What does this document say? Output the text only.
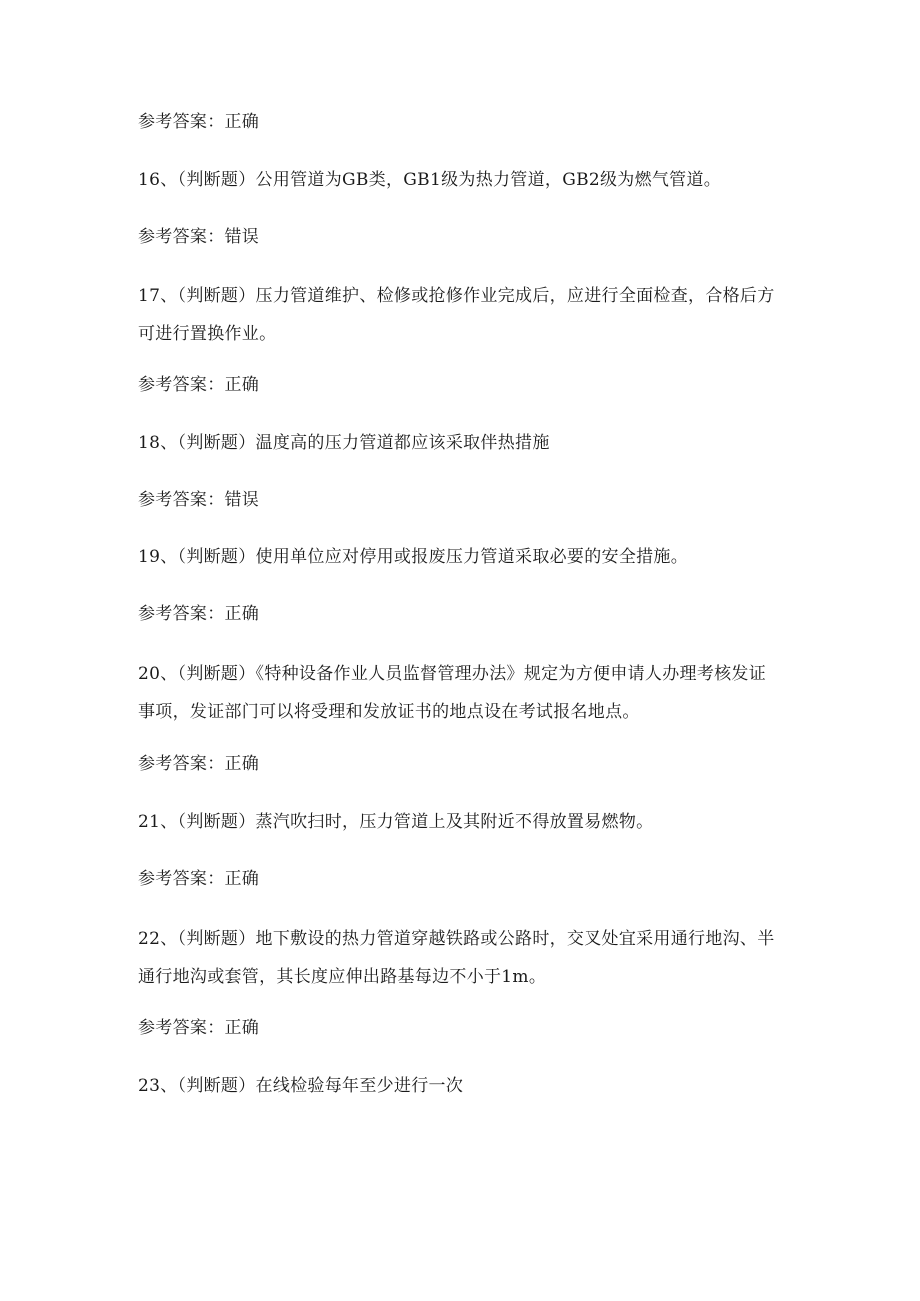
参考答案：正确
16、（判断题）公用管道为GB类，GB1级为热力管道，GB2级为燃气管道。
参考答案：错误
17、（判断题）压力管道维护、检修或抢修作业完成后，应进行全面检查，合格后方可进行置换作业。
参考答案：正确
18、（判断题）温度高的压力管道都应该采取伴热措施
参考答案：错误
19、（判断题）使用单位应对停用或报废压力管道采取必要的安全措施。
参考答案：正确
20、（判断题）《特种设备作业人员监督管理办法》规定为方便申请人办理考核发证事项，发证部门可以将受理和发放证书的地点设在考试报名地点。
参考答案：正确
21、（判断题）蒸汽吹扫时，压力管道上及其附近不得放置易燃物。
参考答案：正确
22、（判断题）地下敷设的热力管道穿越铁路或公路时，交叉处宜采用通行地沟、半通行地沟或套管，其长度应伸出路基每边不小于1m。
参考答案：正确
23、（判断题）在线检验每年至少进行一次
